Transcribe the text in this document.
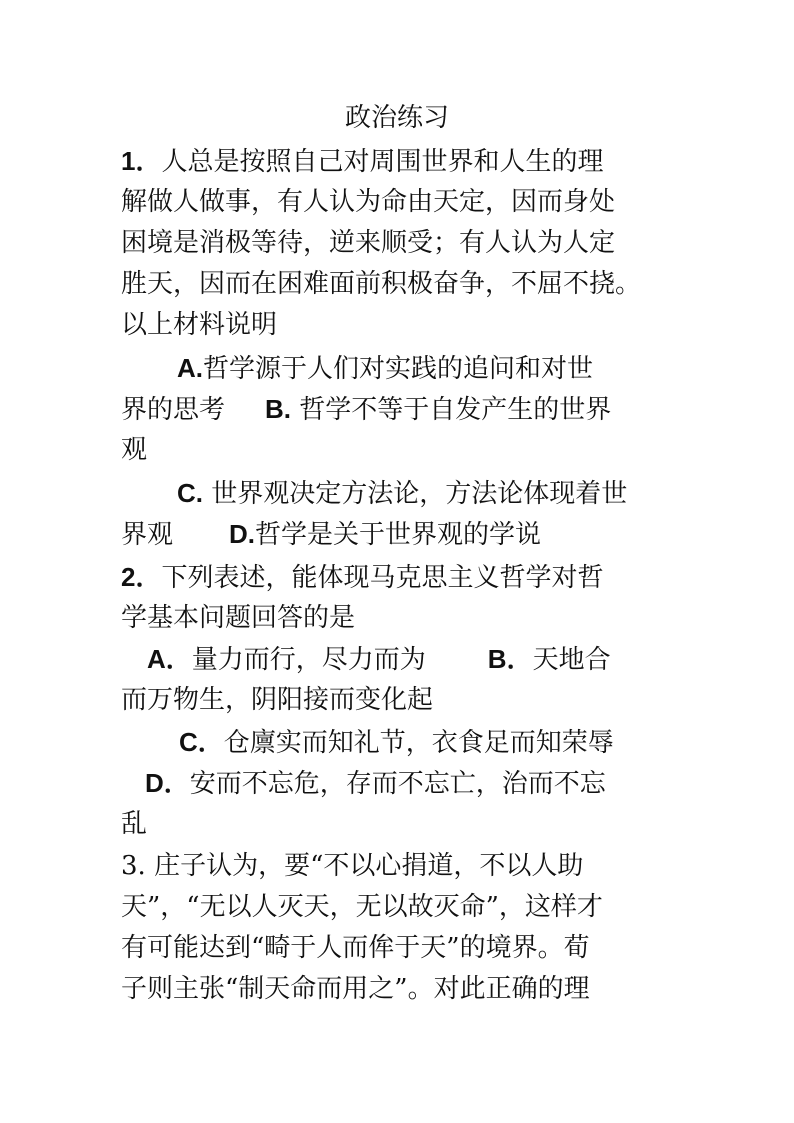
政治练习
1．人总是按照自己对周围世界和人生的理
解做人做事，有人认为命由天定，因而身处
困境是消极等待，逆来顺受；有人认为人定
胜天，因而在困难面前积极奋争，不屈不挠。
以上材料说明
A.哲学源于人们对实践的追问和对世
界的思考 B. 哲学不等于自发产生的世界
观
C. 世界观决定方法论，方法论体现着世
界观 D.哲学是关于世界观的学说
2．下列表述，能体现马克思主义哲学对哲
学基本问题回答的是
A．量力而行，尽力而为 B．天地合
而万物生，阴阳接而变化起
C．仓廪实而知礼节，衣食足而知荣辱
D．安而不忘危，存而不忘亡，治而不忘
乱
3. 庄子认为，要“不以心捐道，不以人助
天”，“无以人灭天，无以故灭命”，这样才
有可能达到“畸于人而侔于天”的境界。荀
子则主张“制天命而用之”。对此正确的理
